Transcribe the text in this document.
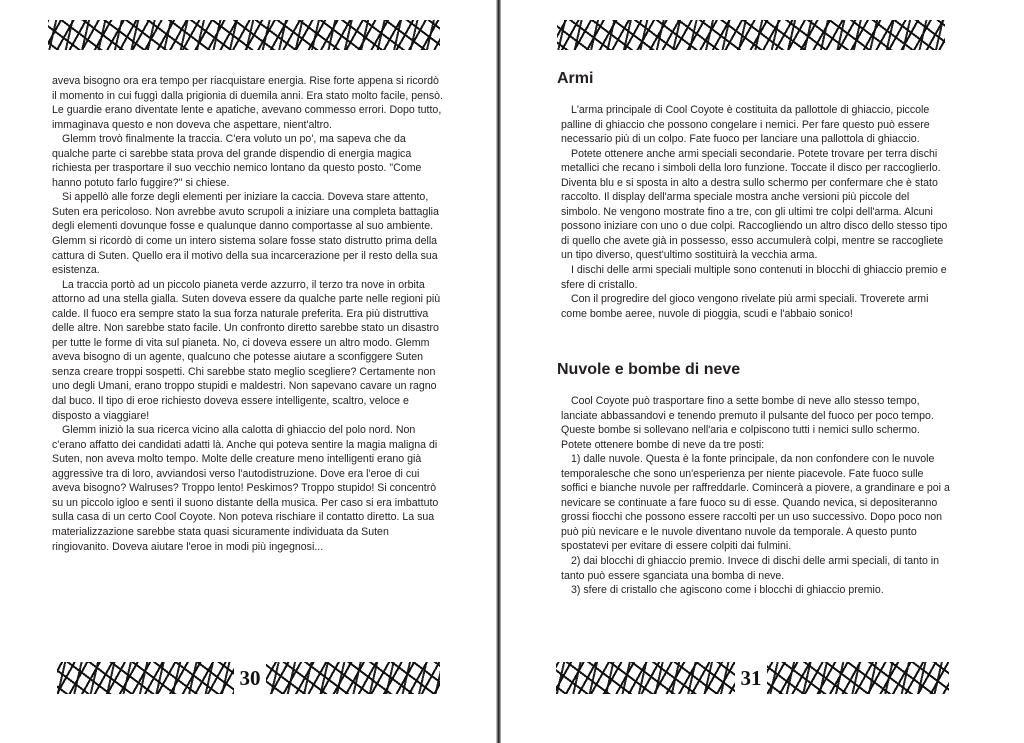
aveva bisogno ora era tempo per riacquistare energia. Rise forte appena si ricordò il momento in cui fuggì dalla prigionia di duemila anni. Era stato molto facile, pensò. Le guardie erano diventate lente e apatiche, avevano commesso errori. Dopo tutto, immaginava questo e non doveva che aspettare, nient'altro.

Glemm trovò finalmente la traccia. C'era voluto un po', ma sapeva che da qualche parte ci sarebbe stata prova del grande dispendio di energia magica richiesta per trasportare il suo vecchio nemico lontano da questo posto. "Come hanno potuto farlo fuggire?" si chiese.

Si appellò alle forze degli elementi per iniziare la caccia. Doveva stare attento, Suten era pericoloso. Non avrebbe avuto scrupoli a iniziare una completa battaglia degli elementi dovunque fosse e qualunque danno comportasse al suo ambiente. Glemm si ricordò di come un intero sistema solare fosse stato distrutto prima della cattura di Suten. Quello era il motivo della sua incarcerazione per il resto della sua esistenza.

La traccia portò ad un piccolo pianeta verde azzurro, il terzo tra nove in orbita attorno ad una stella gialla. Suten doveva essere da qualche parte nelle regioni più calde. Il fuoco era sempre stato la sua forza naturale preferita. Era più distruttiva delle altre. Non sarebbe stato facile. Un confronto diretto sarebbe stato un disastro per tutte le forme di vita sul pianeta. No, ci doveva essere un altro modo. Glemm aveva bisogno di un agente, qualcuno che potesse aiutare a sconfiggere Suten senza creare troppi sospetti. Chi sarebbe stato meglio scegliere? Certamente non uno degli Umani, erano troppo stupidi e maldestri. Non sapevano cavare un ragno dal buco. Il tipo di eroe richiesto doveva essere intelligente, scaltro, veloce e disposto a viaggiare!

Glemm iniziò la sua ricerca vicino alla calotta di ghiaccio del polo nord. Non c'erano affatto dei candidati adatti là. Anche qui poteva sentire la magia maligna di Suten, non aveva molto tempo. Molte delle creature meno intelligenti erano già aggressive tra di loro, avviandosi verso l'autodistruzione. Dove era l'eroe di cui aveva bisogno? Walruses? Troppo lento! Peskimos? Troppo stupido! Si concentrò su un piccolo igloo e sentì il suono distante della musica. Per caso si era imbattuto sulla casa di un certo Cool Coyote. Non poteva rischiare il contatto diretto. La sua materializzazione sarebbe stata quasi sicuramente individuata da Suten ringiovanito. Doveva aiutare l'eroe in modi più ingegnosi...

30
Armi

L'arma principale di Cool Coyote è costituita da pallottole di ghiaccio, piccole palline di ghiaccio che possono congelare i nemici. Per fare questo può essere necessario più di un colpo. Fate fuoco per lanciare una pallottola di ghiaccio.

Potete ottenere anche armi speciali secondarie. Potete trovare per terra dischi metallici che recano i simboli della loro funzione. Toccate il disco per raccoglierlo. Diventa blu e si sposta in alto a destra sullo schermo per confermare che è stato raccolto. Il display dell'arma speciale mostra anche versioni più piccole del simbolo. Ne vengono mostrate fino a tre, con gli ultimi tre colpi dell'arma. Alcuni possono iniziare con uno o due colpi. Raccogliendo un altro disco dello stesso tipo di quello che avete già in possesso, esso accumulerà colpi, mentre se raccogliete un tipo diverso, quest'ultimo sostituirà la vecchia arma.

I dischi delle armi speciali multiple sono contenuti in blocchi di ghiaccio premio e sfere di cristallo.

Con il progredire del gioco vengono rivelate più armi speciali. Troverete armi come bombe aeree, nuvole di pioggia, scudi e l'abbaio sonico!

Nuvole e bombe di neve

Cool Coyote può trasportare fino a sette bombe di neve allo stesso tempo, lanciate abbassandovi e tenendo premuto il pulsante del fuoco per poco tempo. Queste bombe si sollevano nell'aria e colpiscono tutti i nemici sullo schermo. Potete ottenere bombe di neve da tre posti:

1) dalle nuvole. Questa è la fonte principale, da non confondere con le nuvole temporalesche che sono un'esperienza per niente piacevole. Fate fuoco sulle soffici e bianche nuvole per raffreddarle. Comincerà a piovere, a grandinare e poi a nevicare se continuate a fare fuoco su di esse. Quando nevica, si depositeranno grossi fiocchi che possono essere raccolti per un uso successivo. Dopo poco non può più nevicare e le nuvole diventano nuvole da temporale. A questo punto spostatevi per evitare di essere colpiti dai fulmini.

2) dai blocchi di ghiaccio premio. Invece di dischi delle armi speciali, di tanto in tanto può essere sganciata una bomba di neve.

3) sfere di cristallo che agiscono come i blocchi di ghiaccio premio.

31
